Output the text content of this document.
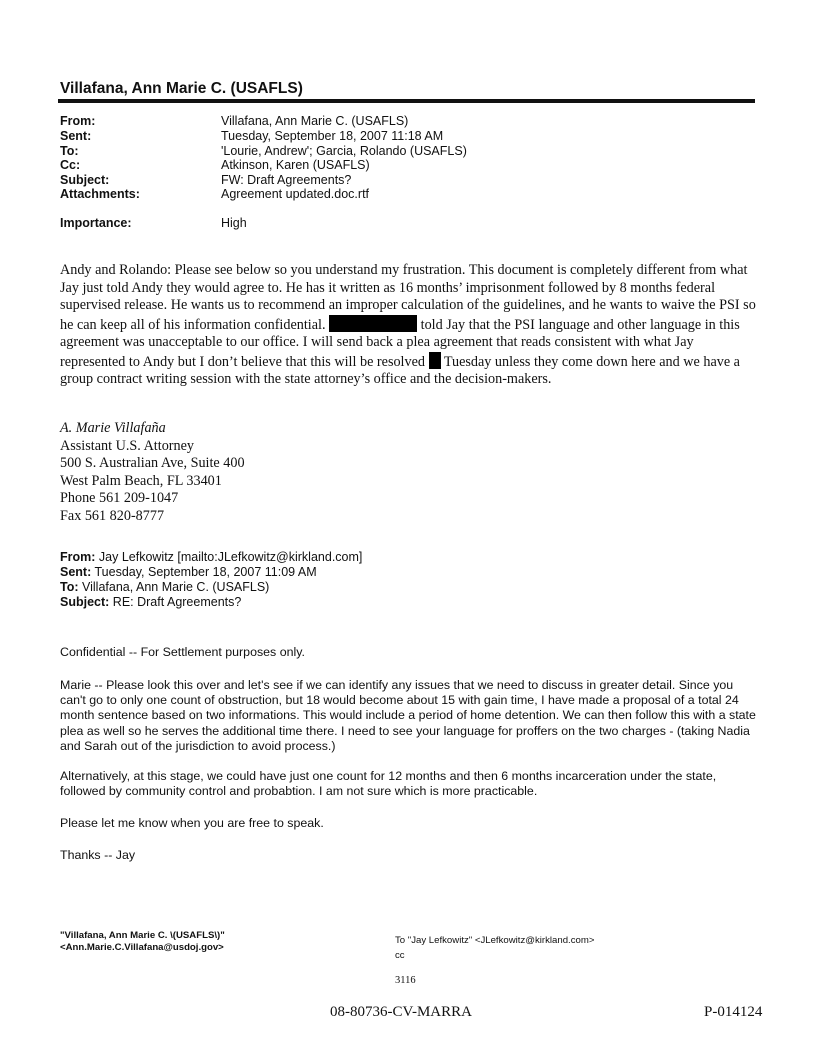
Villafana, Ann Marie C. (USAFLS)
From:	Villafana, Ann Marie C. (USAFLS)
Sent:	Tuesday, September 18, 2007 11:18 AM
To:	'Lourie, Andrew'; Garcia, Rolando (USAFLS)
Cc:	Atkinson, Karen (USAFLS)
Subject:	FW: Draft Agreements?
Attachments:	Agreement updated.doc.rtf
Importance:	High

Andy and Rolando: Please see below so you understand my frustration. This document is completely different from what Jay just told Andy they would agree to. He has it written as 16 months’ imprisonment followed by 8 months federal supervised release. He wants us to recommend an improper calculation of the guidelines, and he wants to waive the PSI so he can keep all of his information confidential.	told Jay that the PSI language and other language in this agreement was unacceptable to our office. I will send back a plea agreement that reads consistent with what Jay represented to Andy but I don’t believe that this will be resolved  Tuesday unless they come down here and we have a group contract writing session with the state attorney’s office and the decision-makers.

A. Marie Villafaña
Assistant U.S. Attorney
500 S. Australian Ave, Suite 400
West Palm Beach, FL 33401
Phone 561 209-1047
Fax 561 820-8777
From: Jay Lefkowitz [mailto:JLefkowitz@kirkland.com]
Sent: Tuesday, September 18, 2007 11:09 AM
To: Villafana, Ann Marie C. (USAFLS)
Subject: RE: Draft Agreements?

Confidential -- For Settlement purposes only.

Marie -- Please look this over and let's see if we can identify any issues that we need to discuss in greater detail. Since you can't go to only one count of obstruction, but 18 would become about 15 with gain time, I have made a proposal of a total 24 month sentence based on two informations. This would include a period of home detention. We can then follow this with a state plea as well so he serves the additional time there. I need to see your language for proffers on the two charges - (taking Nadia and Sarah out of the jurisdiction to avoid process.)

Alternatively, at this stage, we could have just one count for 12 months and then 6 months incarceration under the state, followed by community control and probabtion. I am not sure which is more practicable.

Please let me know when you are free to speak.

Thanks -- Jay

"Villafana, Ann Marie C. \(USAFLS\)"
<Ann.Marie.C.Villafana@usdoj.gov>
To "Jay Lefkowitz" <JLefkowitz@kirkland.com>
cc
3116
08-80736-CV-MARRA	P-014124
